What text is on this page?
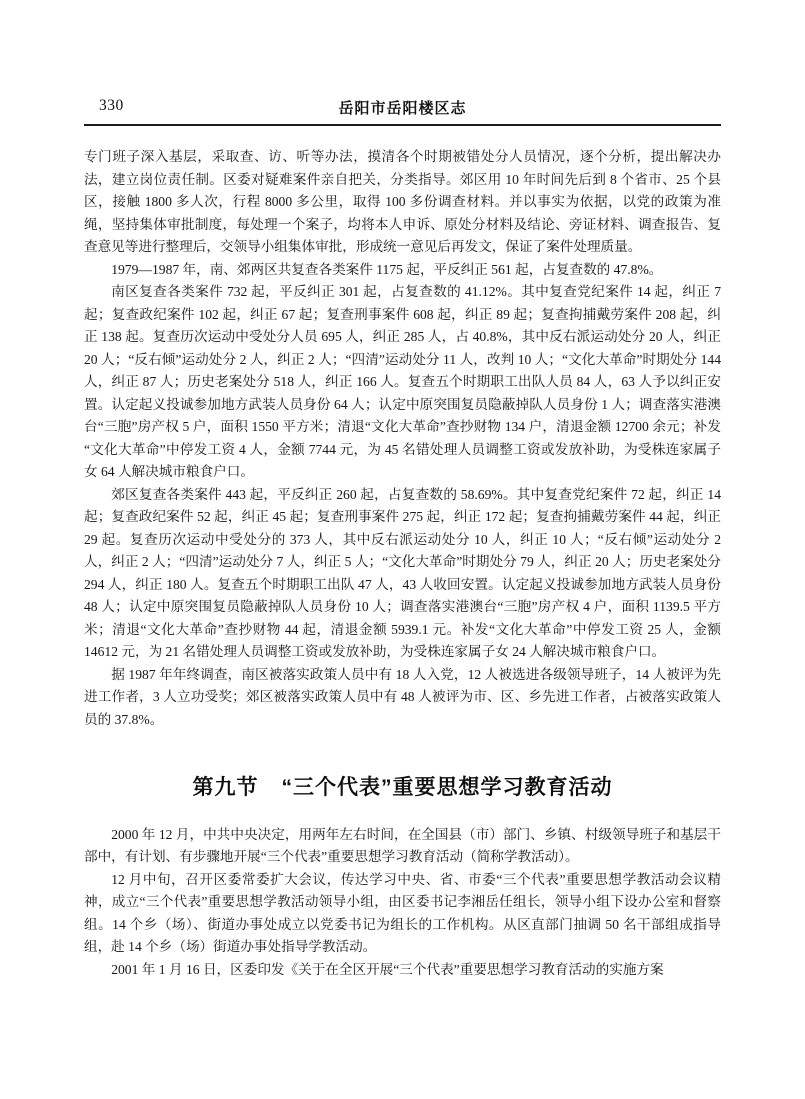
330	岳阳市岳阳楼区志

专门班子深入基层，采取查、访、听等办法，摸清各个时期被错处分人员情况，逐个分析，提出解决办法，建立岗位责任制。区委对疑难案件亲自把关，分类指导。郊区用 10 年时间先后到 8 个省市、25 个县区，接触 1800 多人次，行程 8000 多公里，取得 100 多份调查材料。并以事实为依据，以党的政策为准绳，坚持集体审批制度，每处理一个案子，均将本人申诉、原处分材料及结论、旁证材料、调查报告、复查意见等进行整理后，交领导小组集体审批，形成统一意见后再发文，保证了案件处理质量。

1979—1987 年，南、郊两区共复查各类案件 1175 起，平反纠正 561 起，占复查数的 47.8%。

南区复查各类案件 732 起，平反纠正 301 起，占复查数的 41.12%。其中复查党纪案件 14 起，纠正 7 起；复查政纪案件 102 起，纠正 67 起；复查刑事案件 608 起，纠正 89 起；复查拘捕戴劳案件 208 起，纠正 138 起。复查历次运动中受处分人员 695 人，纠正 285 人，占 40.8%，其中反右派运动处分 20 人，纠正 20 人；“反右倾”运动处分 2 人，纠正 2 人；“四清”运动处分 11 人，改判 10 人；“文化大革命”时期处分 144 人，纠正 87 人；历史老案处分 518 人，纠正 166 人。复查五个时期职工出队人员 84 人，63 人予以纠正安置。认定起义投诚参加地方武装人员身份 64 人；认定中原突围复员隐蔽掉队人员身份 1 人；调查落实港澳台“三胞”房产权 5 户，面积 1550 平方米；清退“文化大革命”查抄财物 134 户，清退金额 12700 余元；补发“文化大革命”中停发工资 4 人，金额 7744 元，为 45 名错处理人员调整工资或发放补助，为受株连家属子女 64 人解决城市粮食户口。

郊区复查各类案件 443 起，平反纠正 260 起，占复查数的 58.69%。其中复查党纪案件 72 起，纠正 14 起；复查政纪案件 52 起，纠正 45 起；复查刑事案件 275 起，纠正 172 起；复查拘捕戴劳案件 44 起，纠正 29 起。复查历次运动中受处分的 373 人，其中反右派运动处分 10 人，纠正 10 人；“反右倾”运动处分 2 人，纠正 2 人；“四清”运动处分 7 人，纠正 5 人；“文化大革命”时期处分 79 人，纠正 20 人；历史老案处分 294 人，纠正 180 人。复查五个时期职工出队 47 人，43 人收回安置。认定起义投诚参加地方武装人员身份 48 人；认定中原突围复员隐蔽掉队人员身份 10 人；调查落实港澳台“三胞”房产权 4 户，面积 1139.5 平方米；清退“文化大革命”查抄财物 44 起，清退金额 5939.1 元。补发“文化大革命”中停发工资 25 人，金额 14612 元，为 21 名错处理人员调整工资或发放补助，为受株连家属子女 24 人解决城市粮食户口。

据 1987 年年终调查，南区被落实政策人员中有 18 人入党，12 人被选进各级领导班子，14 人被评为先进工作者，3 人立功受奖；郊区被落实政策人员中有 48 人被评为市、区、乡先进工作者，占被落实政策人员的 37.8%。

第九节 “三个代表”重要思想学习教育活动

2000 年 12 月，中共中央决定，用两年左右时间，在全国县（市）部门、乡镇、村级领导班子和基层干部中，有计划、有步骤地开展“三个代表”重要思想学习教育活动（简称学教活动）。

12 月中旬，召开区委常委扩大会议，传达学习中央、省、市委“三个代表”重要思想学教活动会议精神，成立“三个代表”重要思想学教活动领导小组，由区委书记李湘岳任组长，领导小组下设办公室和督察组。14 个乡（场）、街道办事处成立以党委书记为组长的工作机构。从区直部门抽调 50 名干部组成指导组，赴 14 个乡（场）街道办事处指导学教活动。

2001 年 1 月 16 日，区委印发《关于在全区开展“三个代表”重要思想学习教育活动的实施方案
